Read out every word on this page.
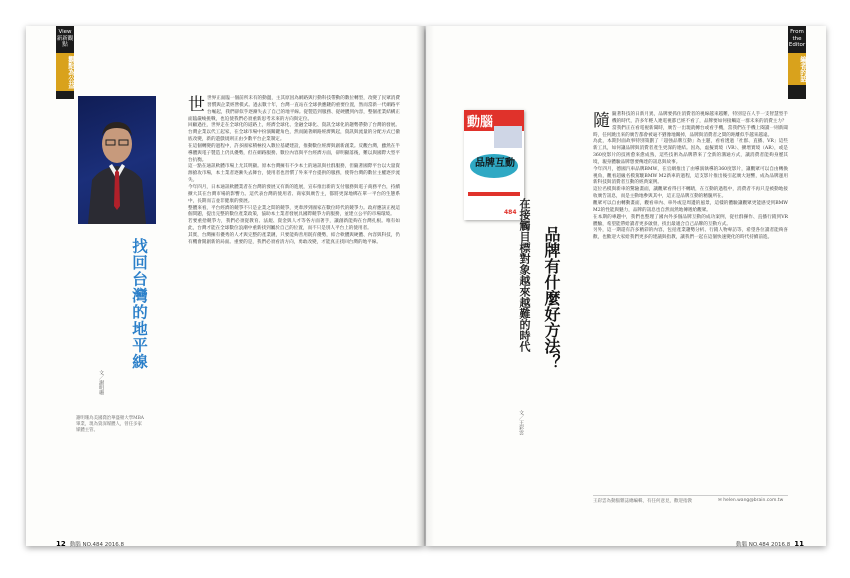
View
新新觀點
觀點為公益
找回台灣的地平線
文／謝明珊
謝明珊為美國喬治華盛頓大學MBA畢業，現為資深媒體人，曾任多家媒體主管。
世世界正面臨一個前所未有的動盪，主其原因為網路與行動科技帶動的數位轉型，改變了民眾消費習慣與企業經營模式。過去數十年，台灣一直站在全球供應鏈的重要位置，然而當新一代網路平台崛起，我們卻似乎逐漸失去了自己的地平線。從製造到服務、從硬體到內容，整個產業結構正面臨嚴峻挑戰，也迫使我們必須重新思考未來的方向與定位。
回顧過往，世界走在全球化的道路上，經濟全球化、金融全球化、資訊全球化的趨勢帶動了台灣的發展。台灣企業以代工起家，在全球市場中扮演關鍵角色，然而隨著網路經濟興起，資訊與流量的分配方式已徹底改變，新的遊戲規則正由少數平台企業制定。
在這個轉變的過程中，許多國家積極投入數位基礎建設，推動數位經濟與創新創業。反觀台灣，雖然在半導體與電子製造上仍具優勢，但在網路服務、數位內容與平台經濟方面，卻明顯落後，難以與國際大型平台抗衡。
這一點在通訊軟體市場上尤其明顯。原本台灣擁有不少本土的通訊與社群服務，但隨著國際平台以大量資源搶攻市場，本土業者逐漸失去舞台，使用者也習慣了外來平台提供的服務，使得台灣的數位主權逐步流失。
今年四月，日本通訊軟體業者在台灣的發展又有新的進展，宣布推出新的支付服務與電子商務平台，持續擴大其在台灣市場的影響力。這代表台灣的使用者、商家與廣告主，都將更深地綁在單一平台的生態系中，長期而言並非健康的發展。
整體來看，平台經濟的競爭不只是企業之間的競爭，更牽涉到國家在數位時代的競爭力。政府應該正視這個問題，提出完整的數位產業政策，協助本土業者發展具國際競爭力的服務，並建立公平的市場環境。
若要重拾競爭力，我們必須從教育、法規、資金與人才等各方面著手，讓創新能夠在台灣扎根。唯有如此，台灣才能在全球數位浪潮中重新找到屬於自己的位置，而不只是別人平台上的使用者。
其實，台灣擁有優秀的人才與完整的產業鏈，只要能夠善用既有優勢，結合軟體與硬體、內容與科技，仍有機會開創新的局面。重要的是，我們必須看清方向，勇敢改變，才能真正找回台灣的地平線。
12 動腦 NO.484 2016.8
From
the Editor
編者的話
動腦
品牌互動
484
品牌有什麼好方法？
在接觸目標對象越來越難的時代
文／王彩雲
隨隨著科技的日新月異，品牌要抓住消費者的視線越來越難，特別是在人手一支智慧型手機的時代，許多年輕人連電視都已經不看了，品牌要如何接觸這一群未來的消費主力？
當我們正在看電視新聞時，廣告一出現就轉台或看手機，當我們在手機上閱讀一則新聞時，任何跳出來的廣告都會被毫不猶豫地關掉，品牌與消費者之間的距離似乎越來越遠。
為此，本期封面故事特別策劃了「超強品牌互動」為主題，看看透過「社群、直播、VR」這些新工具，如何讓品牌與消費者產生更深的連結。因為，虛擬實境（VR）、擴增實境（AR），或是360度影片的技術愈來愈成熟，這些技術為品牌帶來了全新的溝通方式，讓消費者能夠身歷其境，親身體驗品牌想要傳達的訊息與故事。
今年四月，德國汽車品牌BMW，在官網推出了由導演執導的360度影片，讓觀眾可以自由轉換視角，觀看超級名模駕駛BMW M2新車的過程，這支影片推出後引起廣大迴響，成為品牌運用新科技與消費者互動的經典案例。
這位名模與新車的驚險畫面，讓觀眾看得目不轉睛，在互動的過程中，消費者不再只是被動地接收廣告訊息，而是主動地參與其中，這正是品牌互動的精髓所在。
觀眾可以自由轉動畫面，觀看車內、車外或是周邊的風景，這樣的體驗讓觀眾更能感受到BMW M2的性能與魅力，品牌的訊息也自然而然地傳遞給觀眾。
在本期的專題中，我們也整理了國內外多個品牌互動的成功案例，從社群操作、直播行銷到VR體驗，希望能帶給讀者更多啟發，找出最適合自己品牌的互動方式。
另外，這一期還有許多精彩的內容，包括產業趨勢分析、行銷人物專訪等，希望各位讀者能夠喜歡，也歡迎大家給我們更多的建議與指教，讓我們一起在這個快速變化的時代持續前進。
王彩雲為動腦雜誌總編輯，有任何意見，歡迎指教	✉ helen.wang@brain.com.tw
動腦 NO.484 2016.8 11
